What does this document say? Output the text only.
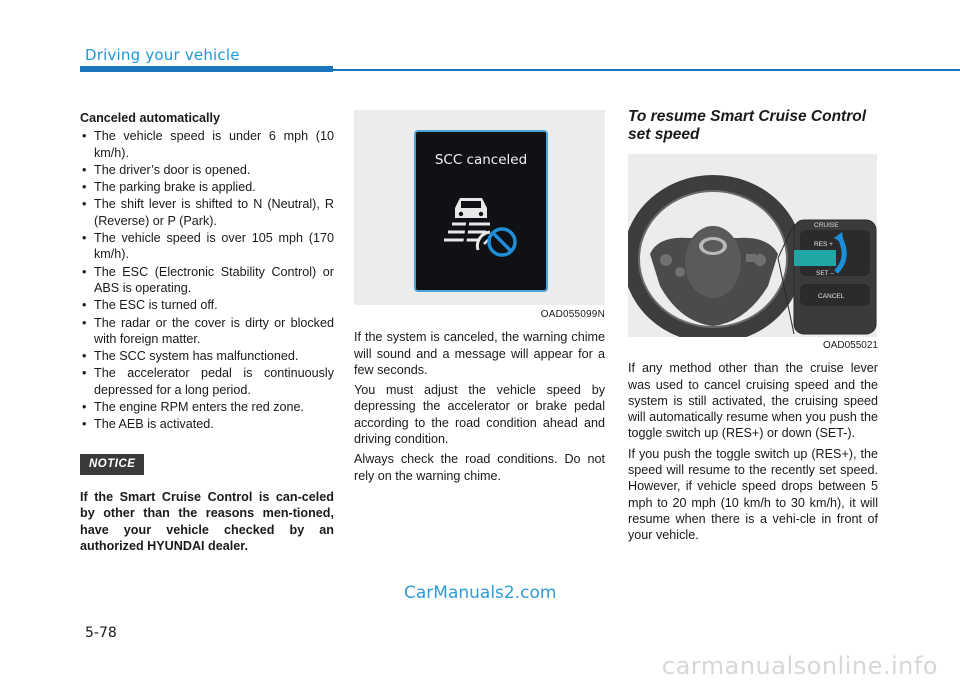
Driving your vehicle
Canceled automatically
• The vehicle speed is under 6 mph (10 km/h).
• The driver’s door is opened.
• The parking brake is applied.
• The shift lever is shifted to N (Neutral), R (Reverse) or P (Park).
• The vehicle speed is over 105 mph (170 km/h).
• The ESC (Electronic Stability Control) or ABS is operating.
• The ESC is turned off.
• The radar or the cover is dirty or blocked with foreign matter.
• The SCC system has malfunctioned.
• The accelerator pedal is continuously depressed for a long period.
• The engine RPM enters the red zone.
• The AEB is activated.
NOTICE
If the Smart Cruise Control is can-celed by other than the reasons men-tioned, have your vehicle checked by an authorized HYUNDAI dealer.
SCC canceled
OAD055099N

If the system is canceled, the warning chime will sound and a message will appear for a few seconds.

You must adjust the vehicle speed by depressing the accelerator or brake pedal according to the road condition ahead and driving condition.

Always check the road conditions. Do not rely on the warning chime.

To resume Smart Cruise Control set speed
CRUISE
RES +
SET –
CANCEL
OAD055021

If any method other than the cruise lever was used to cancel cruising speed and the system is still activated, the cruising speed will automatically resume when you push the toggle switch up (RES+) or down (SET-).

If you push the toggle switch up (RES+), the speed will resume to the recently set speed. However, if vehicle speed drops between 5 mph to 20 mph (10 km/h to 30 km/h), it will resume when there is a vehi-cle in front of your vehicle.

CarManuals2.com
5-78
carmanualsonline.info
